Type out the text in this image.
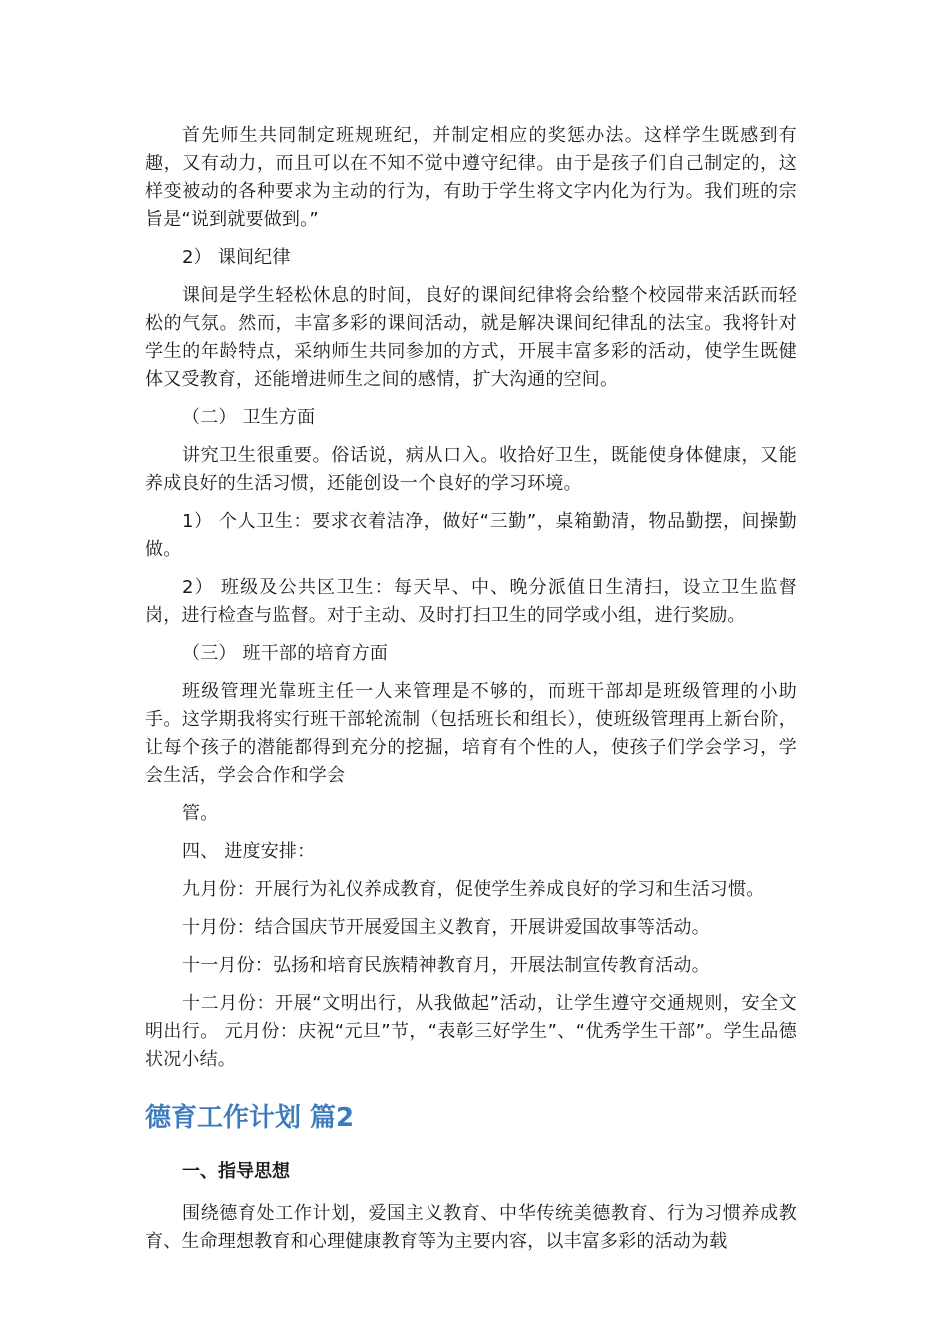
首先师生共同制定班规班纪，并制定相应的奖惩办法。这样学生既感到有趣，又有动力，而且可以在不知不觉中遵守纪律。由于是孩子们自己制定的，这样变被动的各种要求为主动的行为，有助于学生将文字内化为行为。我们班的宗旨是“说到就要做到。”

2） 课间纪律

课间是学生轻松休息的时间，良好的课间纪律将会给整个校园带来活跃而轻松的气氛。然而，丰富多彩的课间活动，就是解决课间纪律乱的法宝。我将针对学生的年龄特点，采纳师生共同参加的方式，开展丰富多彩的活动，使学生既健体又受教育，还能增进师生之间的感情，扩大沟通的空间。

（二） 卫生方面

讲究卫生很重要。俗话说，病从口入。收拾好卫生，既能使身体健康，又能养成良好的生活习惯，还能创设一个良好的学习环境。

1） 个人卫生：要求衣着洁净，做好“三勤”，桌箱勤清，物品勤摆，间操勤做。

2） 班级及公共区卫生：每天早、中、晚分派值日生清扫，设立卫生监督岗，进行检查与监督。对于主动、及时打扫卫生的同学或小组，进行奖励。

（三） 班干部的培育方面

班级管理光靠班主任一人来管理是不够的，而班干部却是班级管理的小助手。这学期我将实行班干部轮流制（包括班长和组长），使班级管理再上新台阶，让每个孩子的潜能都得到充分的挖掘，培育有个性的人，使孩子们学会学习，学会生活，学会合作和学会

管。

四、 进度安排：

九月份：开展行为礼仪养成教育，促使学生养成良好的学习和生活习惯。

十月份：结合国庆节开展爱国主义教育，开展讲爱国故事等活动。

十一月份：弘扬和培育民族精神教育月，开展法制宣传教育活动。

十二月份：开展“文明出行，从我做起”活动，让学生遵守交通规则，安全文明出行。 元月份：庆祝“元旦”节，“表彰三好学生”、“优秀学生干部”。学生品德状况小结。

德育工作计划 篇2
一、指导思想

围绕德育处工作计划，爱国主义教育、中华传统美德教育、行为习惯养成教育、生命理想教育和心理健康教育等为主要内容，以丰富多彩的活动为载
